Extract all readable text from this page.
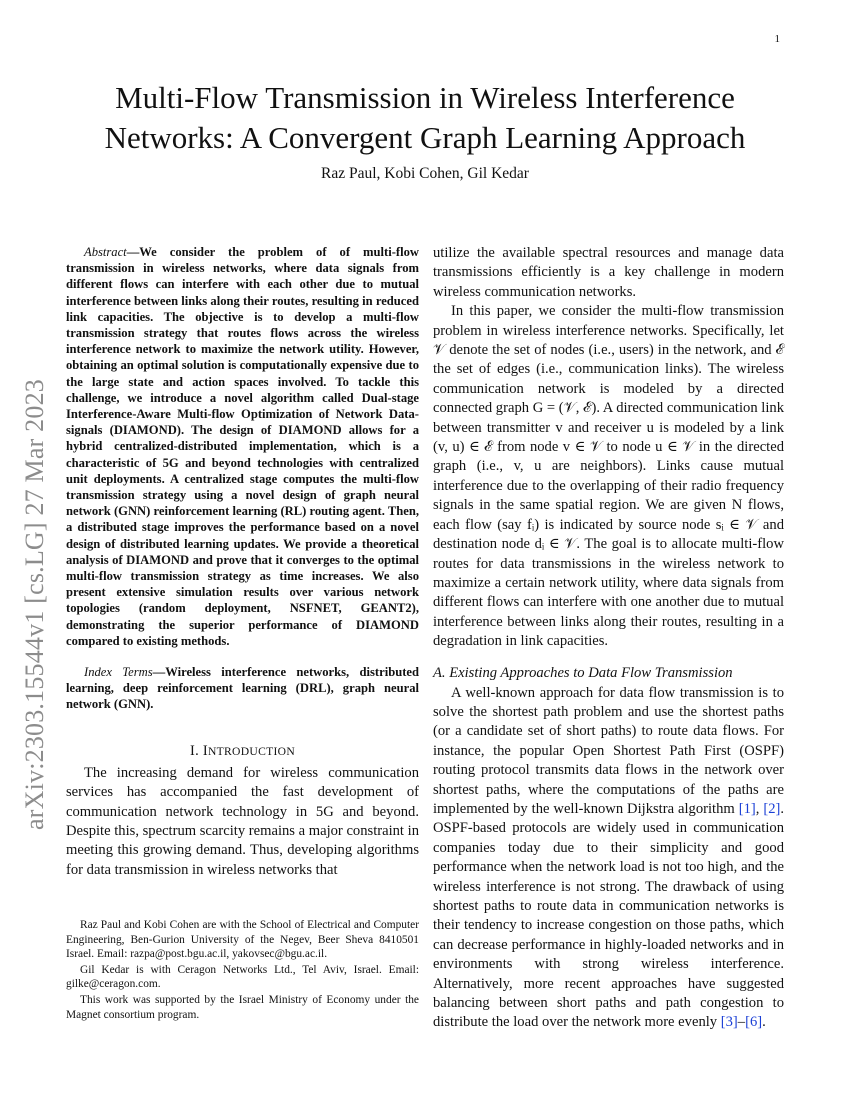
1
arXiv:2303.15544v1 [cs.LG] 27 Mar 2023
Multi-Flow Transmission in Wireless Interference
Networks: A Convergent Graph Learning Approach
Raz Paul, Kobi Cohen, Gil Kedar

Abstract—We consider the problem of of multi-flow transmission in wireless networks, where data signals from different flows can interfere with each other due to mutual interference between links along their routes, resulting in reduced link capacities. The objective is to develop a multi-flow transmission strategy that routes flows across the wireless interference network to maximize the network utility. However, obtaining an optimal solution is computationally expensive due to the large state and action spaces involved. To tackle this challenge, we introduce a novel algorithm called Dual-stage Interference-Aware Multi-flow Optimization of Network Data-signals (DIAMOND). The design of DIAMOND allows for a hybrid centralized-distributed implementation, which is a characteristic of 5G and beyond technologies with centralized unit deployments. A centralized stage computes the multi-flow transmission strategy using a novel design of graph neural network (GNN) reinforcement learning (RL) routing agent. Then, a distributed stage improves the performance based on a novel design of distributed learning updates. We provide a theoretical analysis of DIAMOND and prove that it converges to the optimal multi-flow transmission strategy as time increases. We also present extensive simulation results over various network topologies (random deployment, NSFNET, GEANT2), demonstrating the superior performance of DIAMOND compared to existing methods.

Index Terms—Wireless interference networks, distributed learning, deep reinforcement learning (DRL), graph neural network (GNN).

I. INTRODUCTION

The increasing demand for wireless communication services has accompanied the fast development of communication network technology in 5G and beyond. Despite this, spectrum scarcity remains a major constraint in meeting this growing demand. Thus, developing algorithms for data transmission in wireless networks that

Raz Paul and Kobi Cohen are with the School of Electrical and Computer Engineering, Ben-Gurion University of the Negev, Beer Sheva 8410501 Israel. Email: razpa@post.bgu.ac.il, yakovsec@bgu.ac.il.

Gil Kedar is with Ceragon Networks Ltd., Tel Aviv, Israel. Email: gilke@ceragon.com.

This work was supported by the Israel Ministry of Economy under the Magnet consortium program.

utilize the available spectral resources and manage data transmissions efficiently is a key challenge in modern wireless communication networks.

In this paper, we consider the multi-flow transmission problem in wireless interference networks. Specifically, let 𝒱 denote the set of nodes (i.e., users) in the network, and ℰ the set of edges (i.e., communication links). The wireless communication network is modeled by a directed connected graph G = (𝒱, ℰ). A directed communication link between transmitter v and receiver u is modeled by a link (v, u) ∈ ℰ from node v ∈ 𝒱 to node u ∈ 𝒱 in the directed graph (i.e., v, u are neighbors). Links cause mutual interference due to the overlapping of their radio frequency signals in the same spatial region. We are given N flows, each flow (say fᵢ) is indicated by source node sᵢ ∈ 𝒱 and destination node dᵢ ∈ 𝒱. The goal is to allocate multi-flow routes for data transmissions in the wireless network to maximize a certain network utility, where data signals from different flows can interfere with one another due to mutual interference between links along their routes, resulting in a degradation in link capacities.

A. Existing Approaches to Data Flow Transmission

A well-known approach for data flow transmission is to solve the shortest path problem and use the shortest paths (or a candidate set of short paths) to route data flows. For instance, the popular Open Shortest Path First (OSPF) routing protocol transmits data flows in the network over shortest paths, where the computations of the paths are implemented by the well-known Dijkstra algorithm [1], [2]. OSPF-based protocols are widely used in communication companies today due to their simplicity and good performance when the network load is not too high, and the wireless interference is not strong. The drawback of using shortest paths to route data in communication networks is their tendency to increase congestion on those paths, which can decrease performance in highly-loaded networks and in environments with strong wireless interference. Alternatively, more recent approaches have suggested balancing between short paths and path congestion to distribute the load over the network more evenly [3]–[6].
